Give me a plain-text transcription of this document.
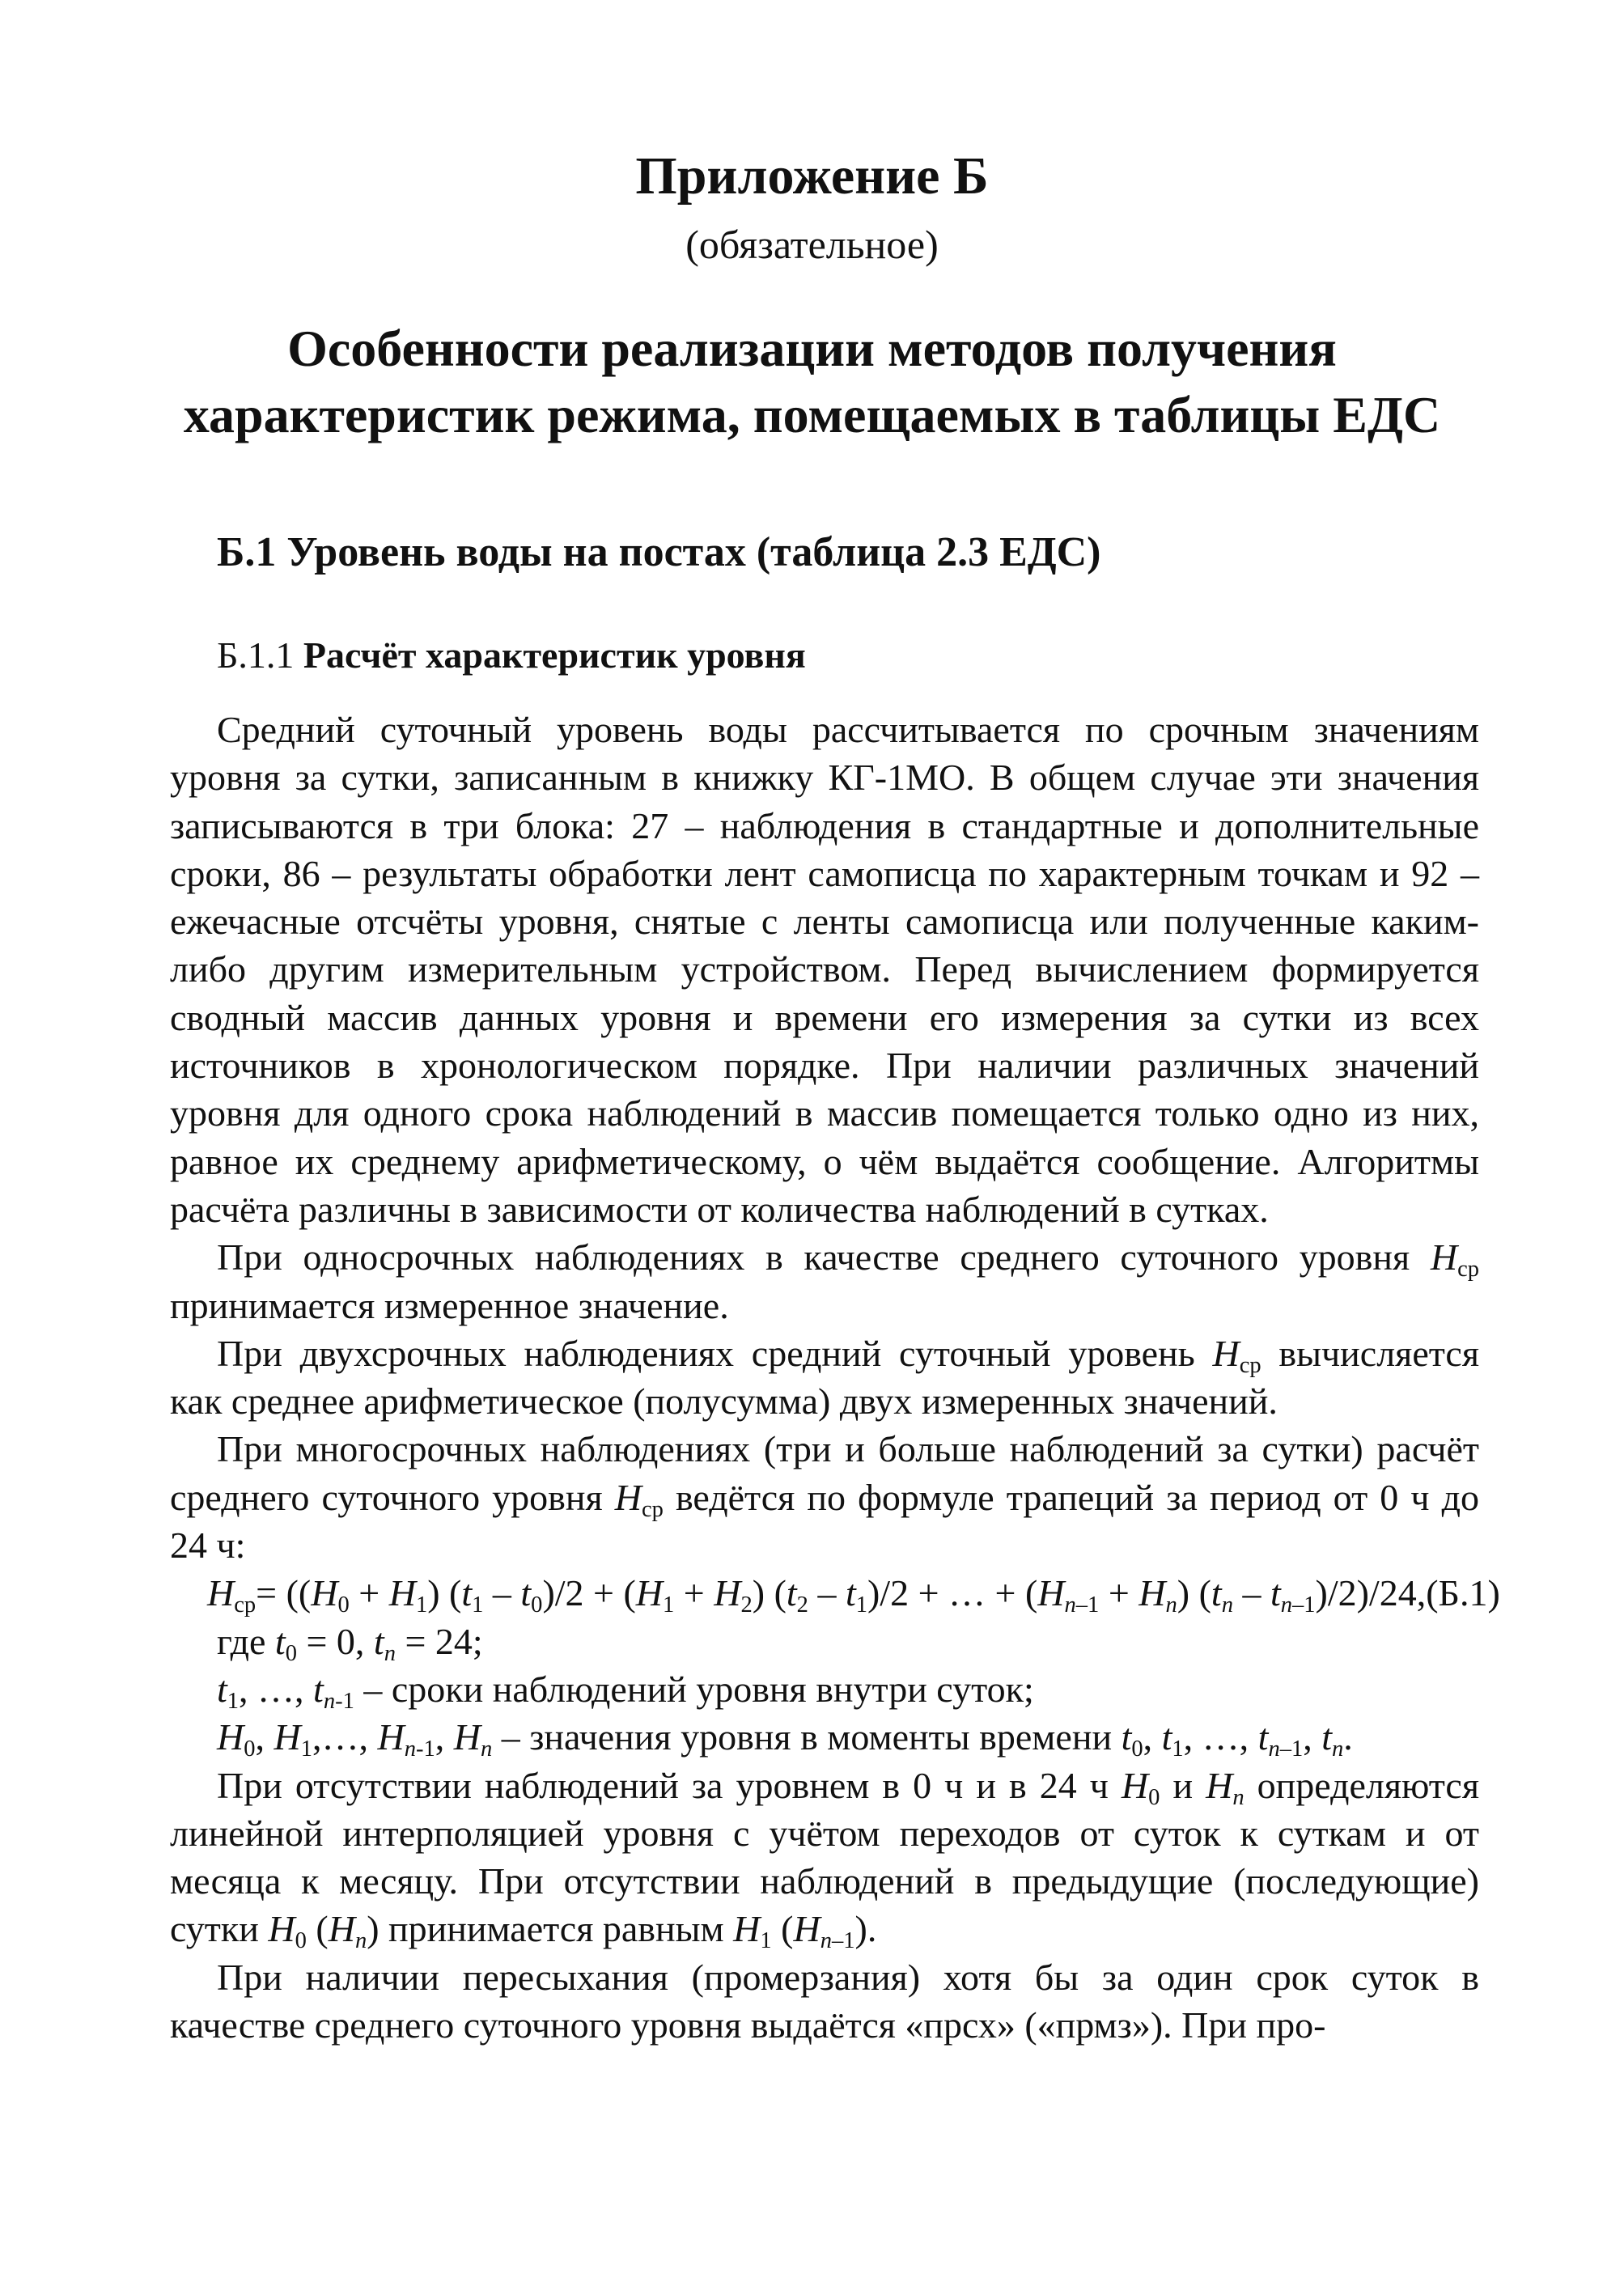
Приложение Б
(обязательное)
Особенности реализации методов получения
характеристик режима, помещаемых в таблицы ЕДС
Б.1 Уровень воды на постах (таблица 2.3 ЕДС)
Б.1.1 Расчёт характеристик уровня
Средний суточный уровень воды рассчитывается по срочным значениям уровня за сутки, записанным в книжку КГ-1МО. В общем случае эти значения записываются в три блока: 27 – наблюдения в стандартные и дополнительные сроки, 86 – результаты обработки лент самописца по характерным точкам и 92 – ежечасные отсчёты уровня, снятые с ленты самописца или полученные каким-либо другим измерительным устройством. Перед вычислением формируется сводный массив данных уровня и времени его измерения за сутки из всех источников в хронологическом порядке. При наличии различных значений уровня для одного срока наблюдений в массив помещается только одно из них, равное их среднему арифметическому, о чём выдаётся сообщение. Алгоритмы расчёта различны в зависимости от количества наблюдений в сутках.
При односрочных наблюдениях в качестве среднего суточного уровня $H_{ср}$ принимается измеренное значение.
При двухсрочных наблюдениях средний суточный уровень $H_{ср}$ вычисляется как среднее арифметическое (полусумма) двух измеренных значений.
При многосрочных наблюдениях (три и больше наблюдений за сутки) расчёт среднего суточного уровня $H_{ср}$ ведётся по формуле трапеций за период от 0 ч до 24 ч:
$H_{ср}= ((H_0 + H_1)$ $(t_1 - t_0)/2 + (H_1 + H_2)$ $(t_2 - t_1)/2$ + … + $(H_{n-1} + H_n)$ $(t_n - t_{n-1})/2)/24$, (Б.1)
где $t_0 = 0$, $t_n = 24$;
$t_1$, …, $t_{n-1}$ – сроки наблюдений уровня внутри суток;
$H_0$, $H_1,\dots$, $H_{n-1}$, $H_n$ – значения уровня в моменты времени $t_0$, $t_1$, …, $t_{n-1}$, $t_n$.
При отсутствии наблюдений за уровнем в 0 ч и в 24 ч $H_0$ и $H_n$ определяются линейной интерполяцией уровня с учётом переходов от суток к суткам и от месяца к месяцу. При отсутствии наблюдений в предыдущие (последующие) сутки $H_0$ $(H_n)$ принимается равным $H_1$ $(H_{n-1})$.
При наличии пересыхания (промерзания) хотя бы за один срок суток в качестве среднего суточного уровня выдаётся «прсх» («прмз»). При про-
